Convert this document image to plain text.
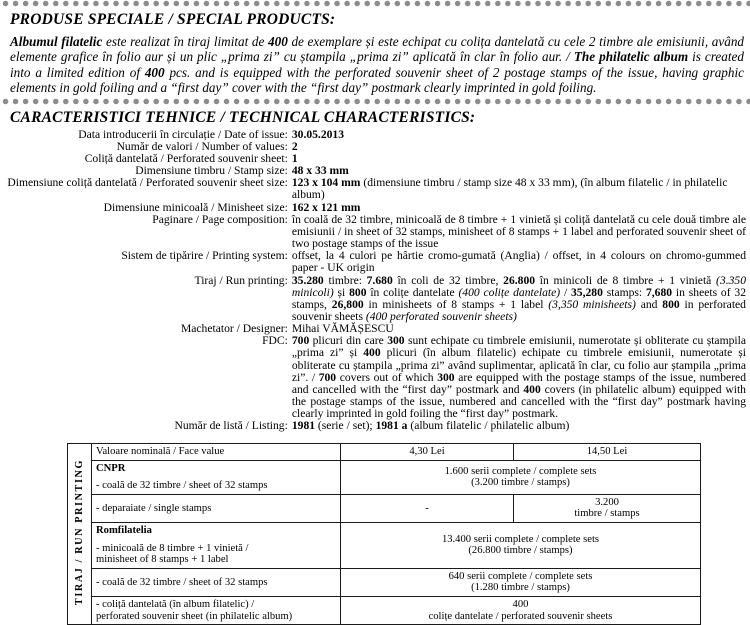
PRODUSE SPECIALE / SPECIAL PRODUCTS:

Albumul filatelic este realizat în tiraj limitat de 400 de exemplare și este echipat cu colița dantelată cu cele 2 timbre ale emisiunii, având elemente grafice în folio aur și un plic „prima zi” cu ștampila „prima zi” aplicată în clar în folio aur. / The philatelic album is created into a limited edition of 400 pcs. and is equipped with the perforated souvenir sheet of 2 postage stamps of the issue, having graphic elements in gold foiling and a “first day” cover with the “first day” postmark clearly imprinted in gold foiling.

CARACTERISTICI TEHNICE / TECHNICAL CHARACTERISTICS:
Data introducerii în circulație / Date of issue:	30.05.2013
Număr de valori / Number of values:	2
Coliță dantelată / Perforated souvenir sheet:	1
Dimensiune timbru / Stamp size:	48 x 33 mm
Dimensiune coliță dantelată / Perforated souvenir sheet size:	123 x 104 mm (dimensiune timbru / stamp size 48 x 33 mm), (în album filatelic / in philatelic album)
Dimensiune minicoală / Minisheet size:	162 x 121 mm
Paginare / Page composition:	în coală de 32 timbre, minicoală de 8 timbre + 1 vinietă și coliță dantelată cu cele două timbre ale emisiunii / in sheet of 32 stamps, minisheet of 8 stamps + 1 label and perforated souvenir sheet of two postage stamps of the issue
Sistem de tipărire / Printing system:	offset, la 4 culori pe hârtie cromo-gumată (Anglia) / offset, in 4 colours on chromo-gummed paper - UK origin
Tiraj / Run printing:	35.280 timbre: 7.680 în coli de 32 timbre, 26.800 în minicoli de 8 timbre + 1 vinietă (3.350 minicoli) și 800 în colițe dantelate (400 colițe dantelate) / 35,280 stamps: 7,680 in sheets of 32 stamps, 26,800 in minisheets of 8 stamps + 1 label (3,350 minisheets) and 800 in perforated souvenir sheets (400 perforated souvenir sheets)
Machetator / Designer:	Mihai VĂMĂȘESCU
FDC:	700 plicuri din care 300 sunt echipate cu timbrele emisiunii, numerotate și obliterate cu ștampila „prima zi” și 400 plicuri (în album filatelic) echipate cu timbrele emisiunii, numerotate și obliterate cu ștampila „prima zi” având suplimentar, aplicată în clar, cu folio aur ștampila „prima zi”. / 700 covers out of which 300 are equipped with the postage stamps of the issue, numbered and cancelled with the “first day” postmark and 400 covers (in philatelic album) equipped with the postage stamps of the issue, numbered and cancelled with the “first day” postmark having clearly imprinted in gold foiling the “first day” postmark.
Număr de listă / Listing:	1981 (serie / set); 1981 a (album filatelic / philatelic album)
TIRAJ / RUN PRINTING	Valoare nominală / Face value	4,30 Lei	14,50 Lei

	CNPR
- coală de 32 timbre / sheet of 32 stamps	1.600 serii complete / complete sets
(3.200 timbre / stamps)	

	- deparaiate / single stamps	-	3.200
timbre / stamps

	Romfilatelia
- minicoală de 8 timbre + 1 vinietă /
minisheet of 8 stamps + 1 label	13.400 serii complete / complete sets
(26.800 timbre / stamps)	

	- coală de 32 timbre / sheet of 32 stamps	640 serii complete / complete sets
(1.280 timbre / stamps)	

	- coliță dantelată (în album filatelic) /
perforated souvenir sheet (in philatelic album)	400
colițe dantelate / perforated souvenir sheets	
